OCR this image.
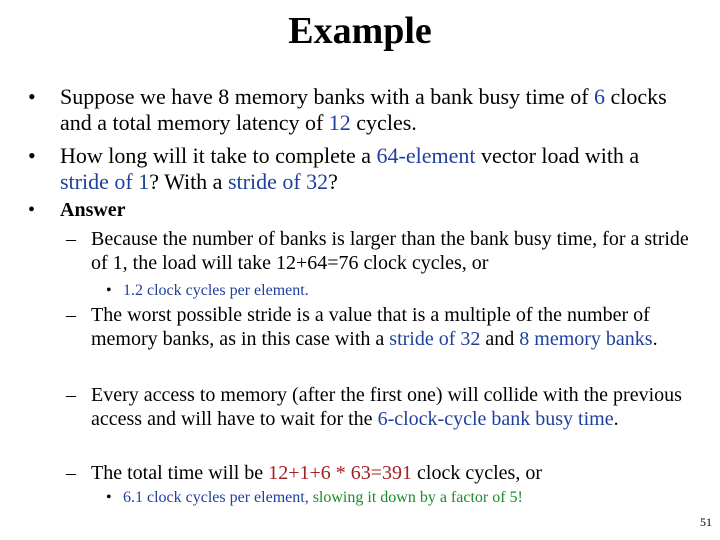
Example
• Suppose we have 8 memory banks with a bank busy time of 6 clocks and a total memory latency of 12 cycles.
• How long will it take to complete a 64-element vector load with a stride of 1? With a stride of 32?
• Answer
– Because the number of banks is larger than the bank busy time, for a stride of 1, the load will take 12+64=76 clock cycles, or
• 1.2 clock cycles per element.
– The worst possible stride is a value that is a multiple of the number of memory banks, as in this case with a stride of 32 and 8 memory banks.
– Every access to memory (after the first one) will collide with the previous access and will have to wait for the 6-clock-cycle bank busy time.
– The total time will be 12+1+6 * 63=391 clock cycles, or
• 6.1 clock cycles per element, slowing it down by a factor of 5!
51
